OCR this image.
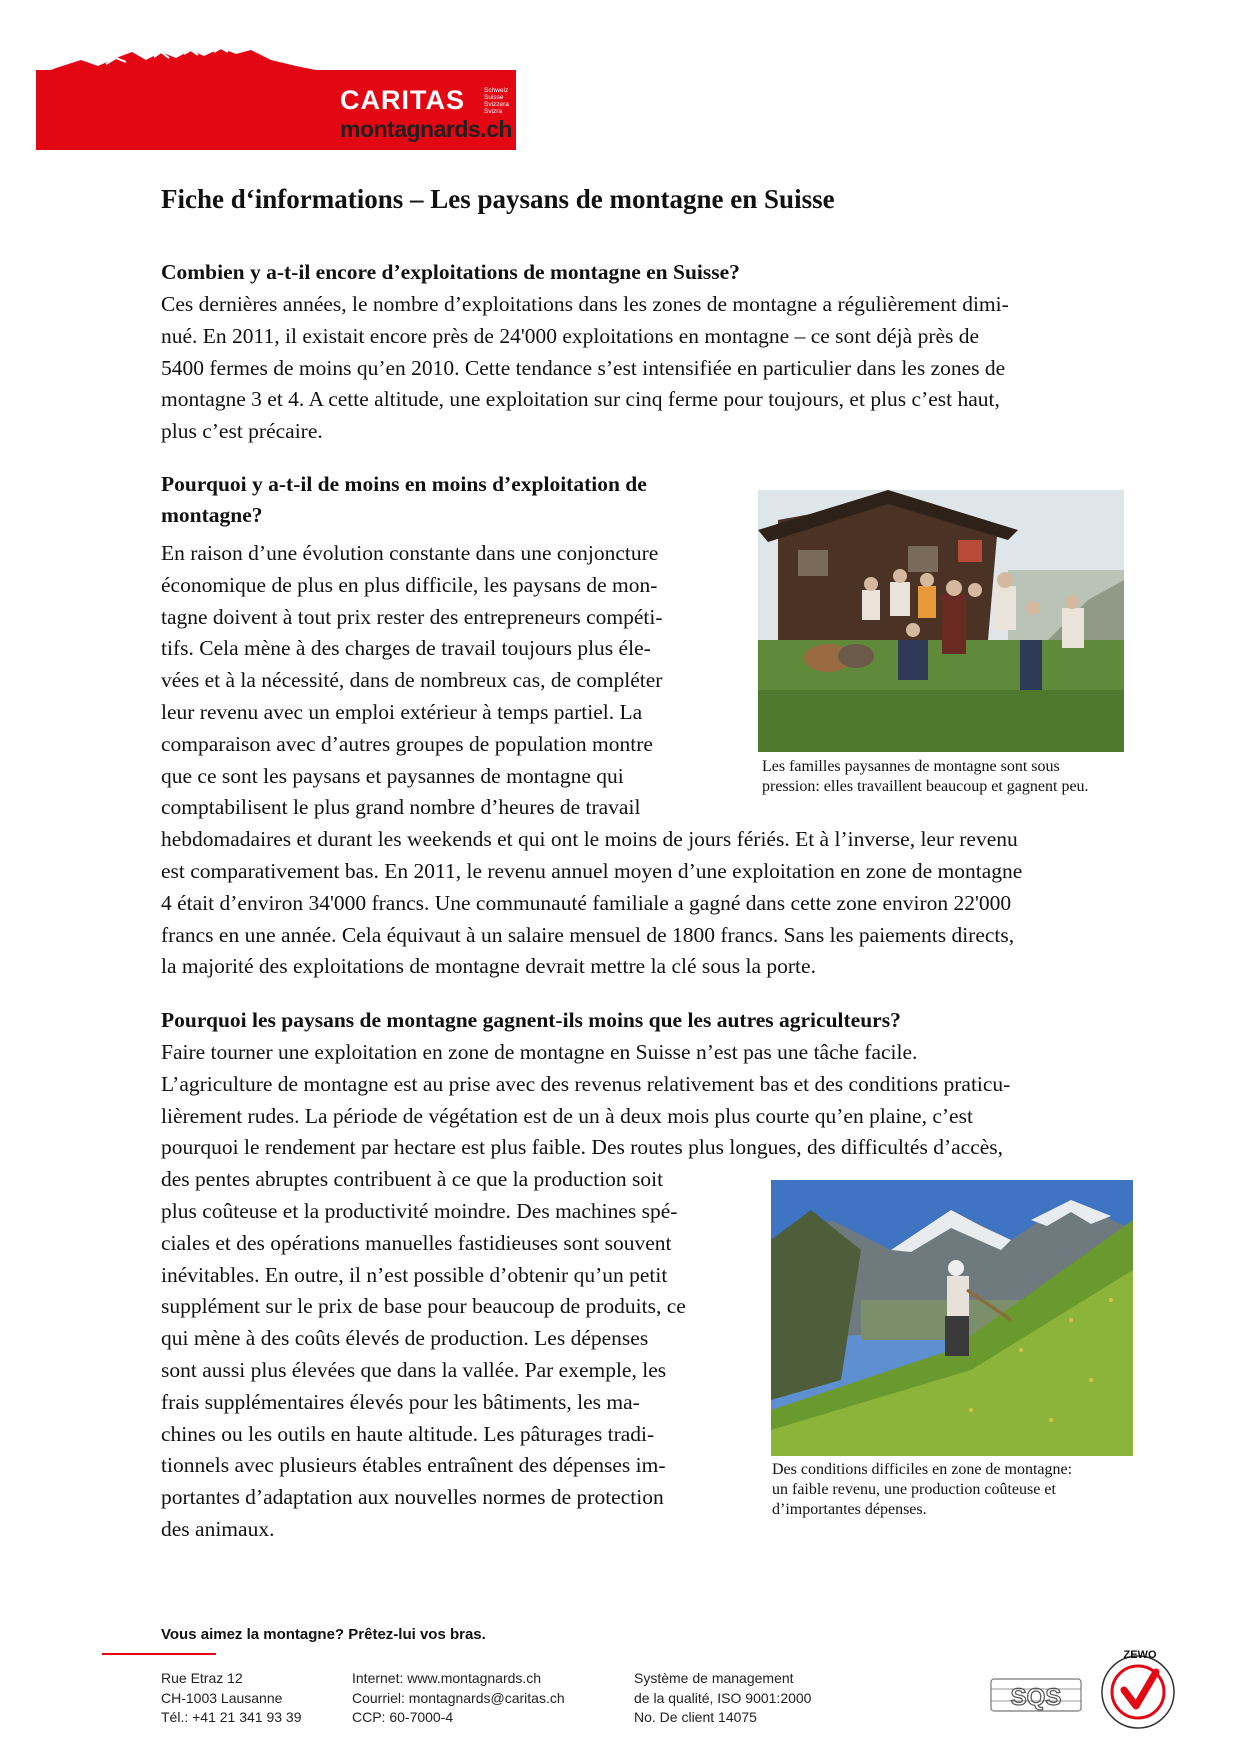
CARITAS	Schweiz
Suisse
Svizzera
Svizra
montagnards.ch
Fiche d‘informations – Les paysans de montagne en Suisse
Combien y a-t-il encore d’exploitations de montagne en Suisse?
Ces dernières années, le nombre d’exploitations dans les zones de montagne a régulièrement dimi-
nué. En 2011, il existait encore près de 24'000 exploitations en montagne – ce sont déjà près de
5400 fermes de moins qu’en 2010. Cette tendance s’est intensifiée en particulier dans les zones de
montagne 3 et 4. A cette altitude, une exploitation sur cinq ferme pour toujours, et plus c’est haut,
plus c’est précaire.
Pourquoi y a-t-il de moins en moins d’exploitation de
montagne?
En raison d’une évolution constante dans une conjoncture
économique de plus en plus difficile, les paysans de mon-
tagne doivent à tout prix rester des entrepreneurs compéti-
tifs. Cela mène à des charges de travail toujours plus éle-
vées et à la nécessité, dans de nombreux cas, de compléter
leur revenu avec un emploi extérieur à temps partiel. La
comparaison avec d’autres groupes de population montre
que ce sont les paysans et paysannes de montagne qui
comptabilisent le plus grand nombre d’heures de travail
hebdomadaires et durant les weekends et qui ont le moins de jours fériés. Et à l’inverse, leur revenu
est comparativement bas. En 2011, le revenu annuel moyen d’une exploitation en zone de montagne
4 était d’environ 34'000 francs. Une communauté familiale a gagné dans cette zone environ 22'000
francs en une année. Cela équivaut à un salaire mensuel de 1800 francs. Sans les paiements directs,
la majorité des exploitations de montagne devrait mettre la clé sous la porte.
Les familles paysannes de montagne sont sous
pression: elles travaillent beaucoup et gagnent peu.
Pourquoi les paysans de montagne gagnent-ils moins que les autres agriculteurs?
Faire tourner une exploitation en zone de montagne en Suisse n’est pas une tâche facile.
L’agriculture de montagne est au prise avec des revenus relativement bas et des conditions praticu-
lièrement rudes. La période de végétation est de un à deux mois plus courte qu’en plaine, c’est
pourquoi le rendement par hectare est plus faible. Des routes plus longues, des difficultés d’accès,
des pentes abruptes contribuent à ce que la production soit
plus coûteuse et la productivité moindre. Des machines spé-
ciales et des opérations manuelles fastidieuses sont souvent
inévitables. En outre, il n’est possible d’obtenir qu’un petit
supplément sur le prix de base pour beaucoup de produits, ce
qui mène à des coûts élevés de production. Les dépenses
sont aussi plus élevées que dans la vallée. Par exemple, les
frais supplémentaires élevés pour les bâtiments, les ma-
chines ou les outils en haute altitude. Les pâturages tradi-
tionnels avec plusieurs étables entraînent des dépenses im-
portantes d’adaptation aux nouvelles normes de protection
des animaux.
Des conditions difficiles en zone de montagne:
un faible revenu, une production coûteuse et
d’importantes dépenses.
Vous aimez la montagne? Prêtez-lui vos bras.
Rue Etraz 12
CH-1003 Lausanne
Tél.: +41 21 341 93 39
Internet: www.montagnards.ch
Courriel: montagnards@caritas.ch
CCP: 60-7000-4
Système de management
de la qualité, ISO 9001:2000
No. De client 14075
SQS
ZEWO
